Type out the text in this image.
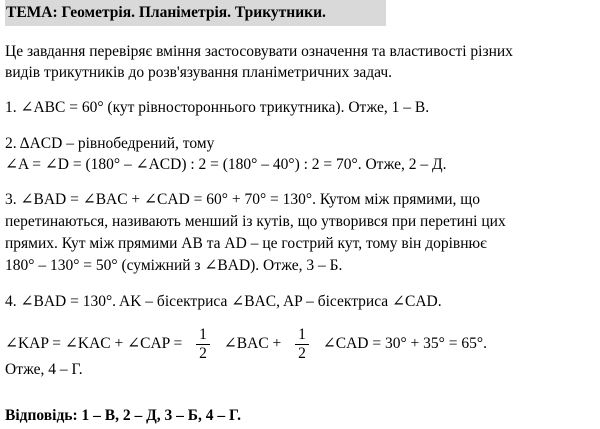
ТЕМА: Геометрія. Планіметрія. Трикутники.
Це завдання перевіряє вміння застосовувати означення та властивості різних
видів трикутників до розв'язування планіметричних задач.
1. ∠ABC = 60° (кут рівностороннього трикутника). Отже, 1 – В.
2. ΔACD – рівнобедрений, тому
∠A = ∠D = (180° – ∠ACD) : 2 = (180° – 40°) : 2 = 70°. Отже, 2 – Д.
3. ∠BAD = ∠BAC + ∠CAD = 60° + 70° = 130°. Кутом між прямими, що
перетинаються, називають менший із кутів, що утворився при перетині цих
прямих. Кут між прямими AB та AD – це гострий кут, тому він дорівнює
180° – 130° = 50° (суміжний з ∠BAD). Отже, 3 – Б.
4. ∠BAD = 130°. AK – бісектриса ∠BAC, AP – бісектриса ∠CAD.
∠KAP = ∠KAC + ∠CAP = $\frac{1}{2}$ ∠BAC + $\frac{1}{2}$ ∠CAD = 30° + 35° = 65°.
Отже, 4 – Г.
Відповідь: 1 – В, 2 – Д, 3 – Б, 4 – Г.
